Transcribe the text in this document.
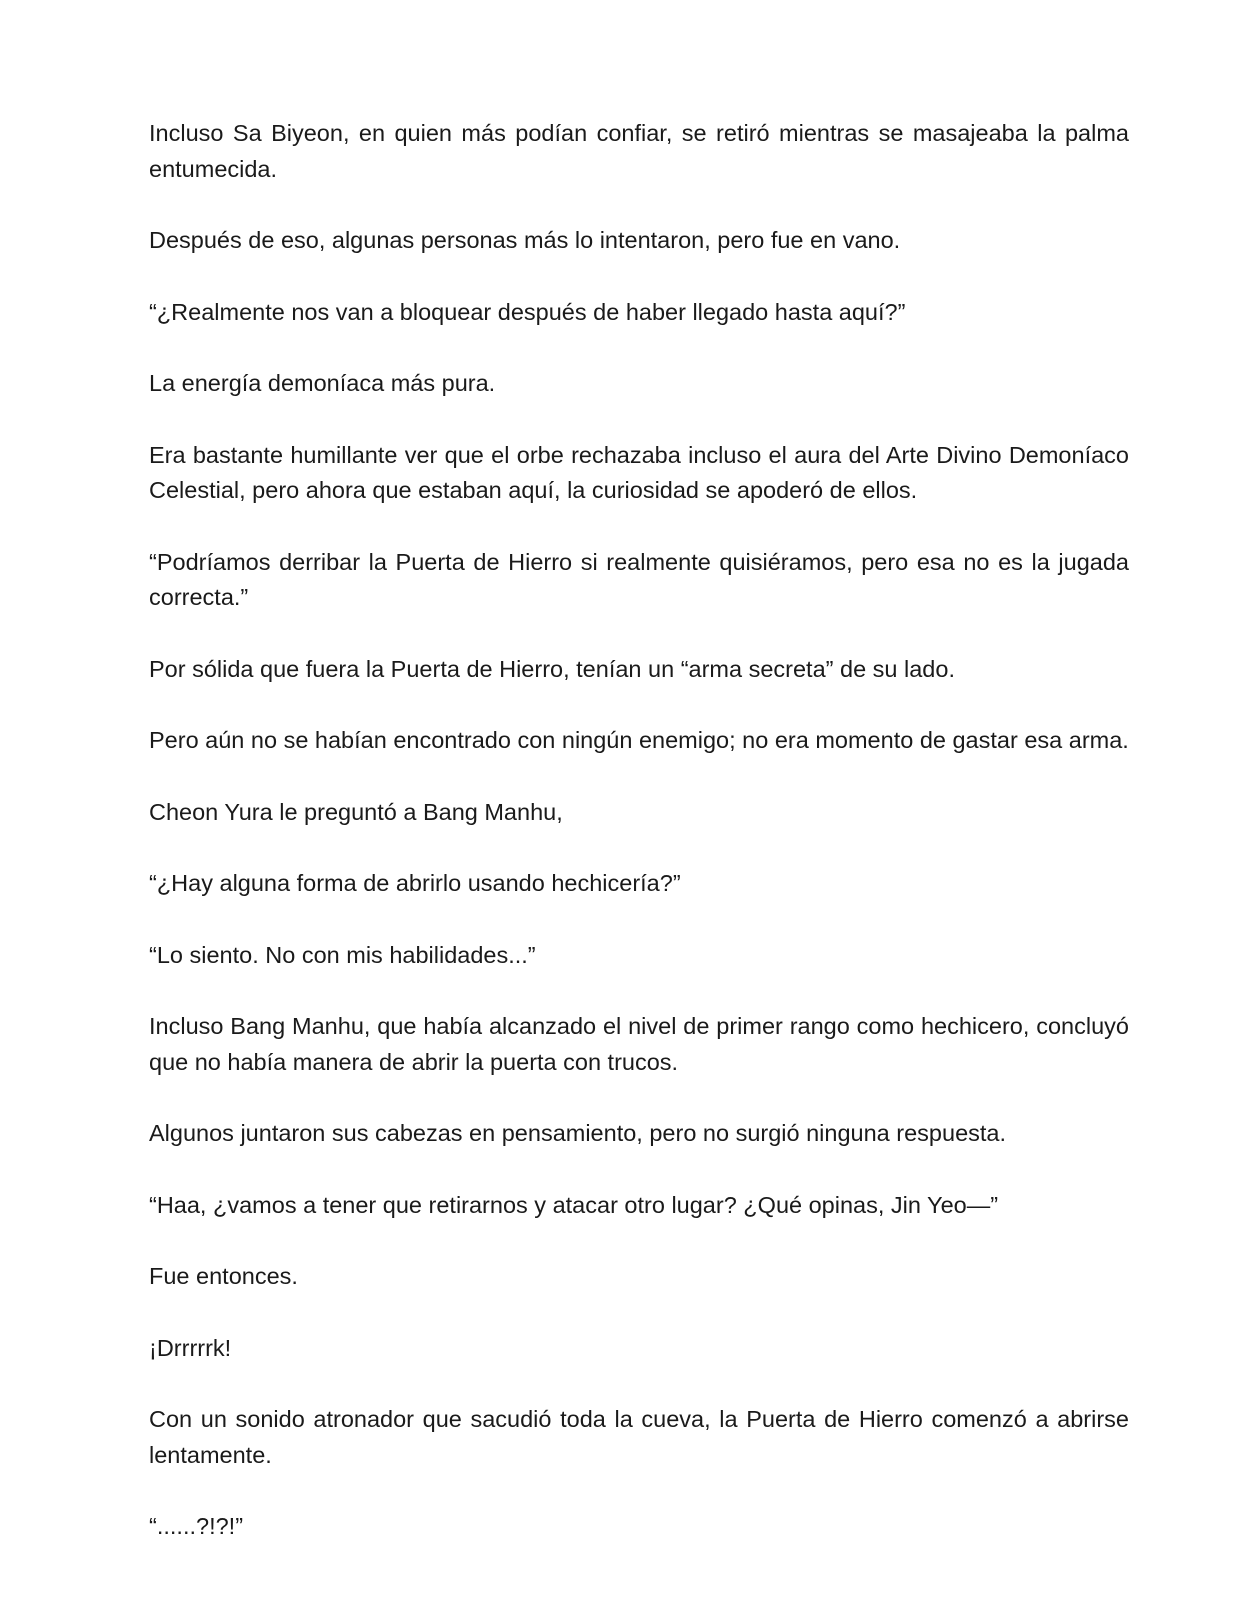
Incluso Sa Biyeon, en quien más podían confiar, se retiró mientras se masajeaba la palma entumecida.

Después de eso, algunas personas más lo intentaron, pero fue en vano.

“¿Realmente nos van a bloquear después de haber llegado hasta aquí?”

La energía demoníaca más pura.

Era bastante humillante ver que el orbe rechazaba incluso el aura del Arte Divino Demoníaco Celestial, pero ahora que estaban aquí, la curiosidad se apoderó de ellos.

“Podríamos derribar la Puerta de Hierro si realmente quisiéramos, pero esa no es la jugada correcta.”

Por sólida que fuera la Puerta de Hierro, tenían un “arma secreta” de su lado.

Pero aún no se habían encontrado con ningún enemigo; no era momento de gastar esa arma.

Cheon Yura le preguntó a Bang Manhu,

“¿Hay alguna forma de abrirlo usando hechicería?”

“Lo siento. No con mis habilidades...”

Incluso Bang Manhu, que había alcanzado el nivel de primer rango como hechicero, concluyó que no había manera de abrir la puerta con trucos.

Algunos juntaron sus cabezas en pensamiento, pero no surgió ninguna respuesta.

“Haa, ¿vamos a tener que retirarnos y atacar otro lugar? ¿Qué opinas, Jin Yeo—”

Fue entonces.

¡Drrrrrk!

Con un sonido atronador que sacudió toda la cueva, la Puerta de Hierro comenzó a abrirse lentamente.

“......?!?!”
